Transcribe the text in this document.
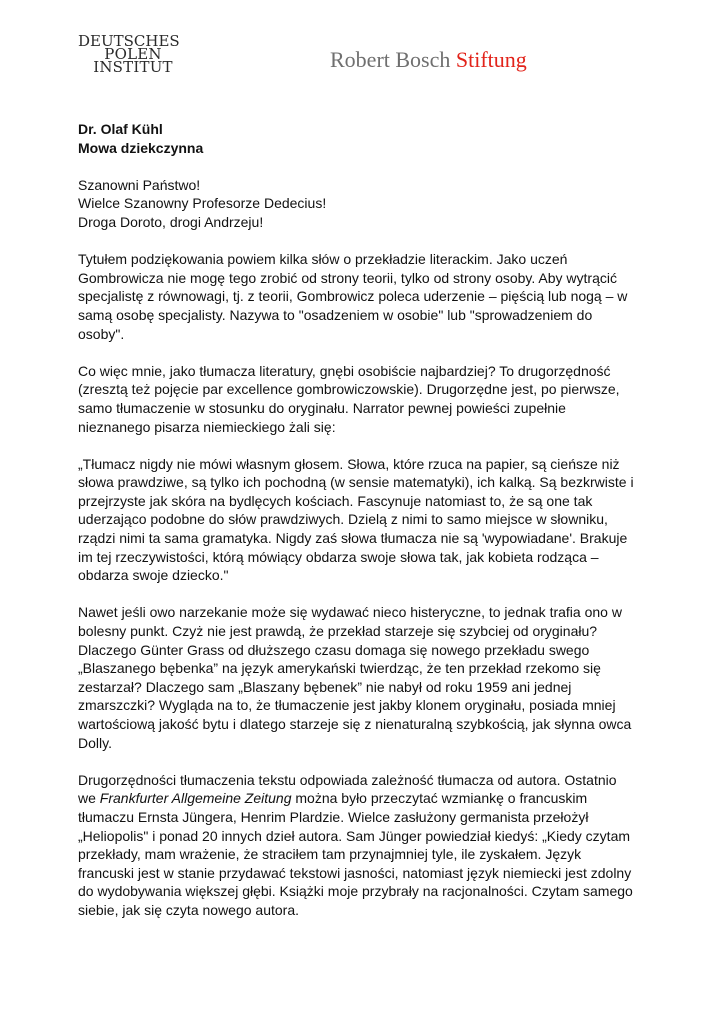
DEUTSCHES
POLEN
INSTITUT	Robert Bosch Stiftung

Dr. Olaf Kühl
Mowa dziekczynna

Szanowni Państwo!
Wielce Szanowny Profesorze Dedecius!
Droga Doroto, drogi Andrzeju!

Tytułem podziękowania powiem kilka słów o przekładzie literackim. Jako uczeń Gombrowicza nie mogę tego zrobić od strony teorii, tylko od strony osoby. Aby wytrącić specjalistę z równowagi, tj. z teorii, Gombrowicz poleca uderzenie – pięścią lub nogą – w samą osobę specjalisty. Nazywa to "osadzeniem w osobie" lub "sprowadzeniem do osoby".

Co więc mnie, jako tłumacza literatury, gnębi osobiście najbardziej? To drugorzędność (zresztą też pojęcie par excellence gombrowiczowskie). Drugorzędne jest, po pierwsze, samo tłumaczenie w stosunku do oryginału. Narrator pewnej powieści zupełnie nieznanego pisarza niemieckiego żali się:

„Tłumacz nigdy nie mówi własnym głosem. Słowa, które rzuca na papier, są cieńsze niż słowa prawdziwe, są tylko ich pochodną (w sensie matematyki), ich kalką. Są bezkrwiste i przejrzyste jak skóra na bydlęcych kościach. Fascynuje natomiast to, że są one tak uderzająco podobne do słów prawdziwych. Dzielą z nimi to samo miejsce w słowniku, rządzi nimi ta sama gramatyka. Nigdy zaś słowa tłumacza nie są 'wypowiadane'. Brakuje im tej rzeczywistości, którą mówiący obdarza swoje słowa tak, jak kobieta rodząca – obdarza swoje dziecko."

Nawet jeśli owo narzekanie może się wydawać nieco histeryczne, to jednak trafia ono w bolesny punkt. Czyż nie jest prawdą, że przekład starzeje się szybciej od oryginału? Dlaczego Günter Grass od dłuższego czasu domaga się nowego przekładu swego „Blaszanego bębenka” na język amerykański twierdząc, że ten przekład rzekomo się zestarzał? Dlaczego sam „Blaszany bębenek” nie nabył od roku 1959 ani jednej zmarszczki? Wygląda na to, że tłumaczenie jest jakby klonem oryginału, posiada mniej wartościową jakość bytu i dlatego starzeje się z nienaturalną szybkością, jak słynna owca Dolly.

Drugorzędności tłumaczenia tekstu odpowiada zależność tłumacza od autora. Ostatnio we Frankfurter Allgemeine Zeitung można było przeczytać wzmiankę o francuskim tłumaczu Ernsta Jüngera, Henrim Plardzie. Wielce zasłużony germanista przełożył „Heliopolis" i ponad 20 innych dzieł autora. Sam Jünger powiedział kiedyś: „Kiedy czytam przekłady, mam wrażenie, że straciłem tam przynajmniej tyle, ile zyskałem. Język francuski jest w stanie przydawać tekstowi jasności, natomiast język niemiecki jest zdolny do wydobywania większej głębi. Książki moje przybrały na racjonalności. Czytam samego siebie, jak się czyta nowego autora.
